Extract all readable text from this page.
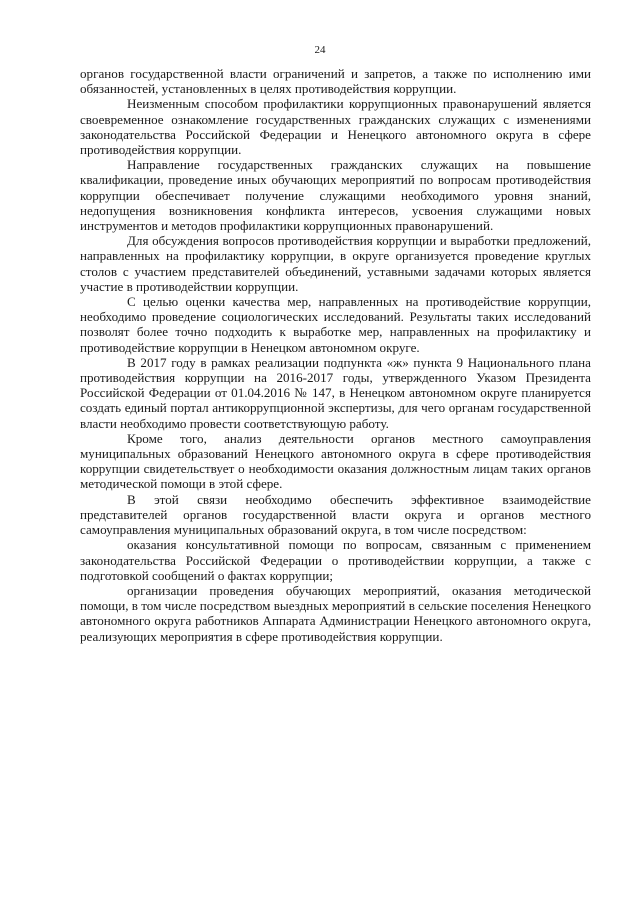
24

органов государственной власти ограничений и запретов, а также по исполнению ими обязанностей, установленных в целях противодействия коррупции.

Неизменным способом профилактики коррупционных правонарушений является своевременное ознакомление государственных гражданских служащих с изменениями законодательства Российской Федерации и Ненецкого автономного округа в сфере противодействия коррупции.

Направление государственных гражданских служащих на повышение квалификации, проведение иных обучающих мероприятий по вопросам противодействия коррупции обеспечивает получение служащими необходимого уровня знаний, недопущения возникновения конфликта интересов, усвоения служащими новых инструментов и методов профилактики коррупционных правонарушений.

Для обсуждения вопросов противодействия коррупции и выработки предложений, направленных на профилактику коррупции, в округе организуется проведение круглых столов с участием представителей объединений, уставными задачами которых является участие в противодействии коррупции.

С целью оценки качества мер, направленных на противодействие коррупции, необходимо проведение социологических исследований. Результаты таких исследований позволят более точно подходить к выработке мер, направленных на профилактику и противодействие коррупции в Ненецком автономном округе.

В 2017 году в рамках реализации подпункта «ж» пункта 9 Национального плана противодействия коррупции на 2016-2017 годы, утвержденного Указом Президента Российской Федерации от 01.04.2016 № 147, в Ненецком автономном округе планируется создать единый портал антикоррупционной экспертизы, для чего органам государственной власти необходимо провести соответствующую работу.

Кроме того, анализ деятельности органов местного самоуправления муниципальных образований Ненецкого автономного округа в сфере противодействия коррупции свидетельствует о необходимости оказания должностным лицам таких органов методической помощи в этой сфере.

В этой связи необходимо обеспечить эффективное взаимодействие представителей органов государственной власти округа и органов местного самоуправления муниципальных образований округа, в том числе посредством:

оказания консультативной помощи по вопросам, связанным с применением законодательства Российской Федерации о противодействии коррупции, а также с подготовкой сообщений о фактах коррупции;

организации проведения обучающих мероприятий, оказания методической помощи, в том числе посредством выездных мероприятий в сельские поселения Ненецкого автономного округа работников Аппарата Администрации Ненецкого автономного округа, реализующих мероприятия в сфере противодействия коррупции.
